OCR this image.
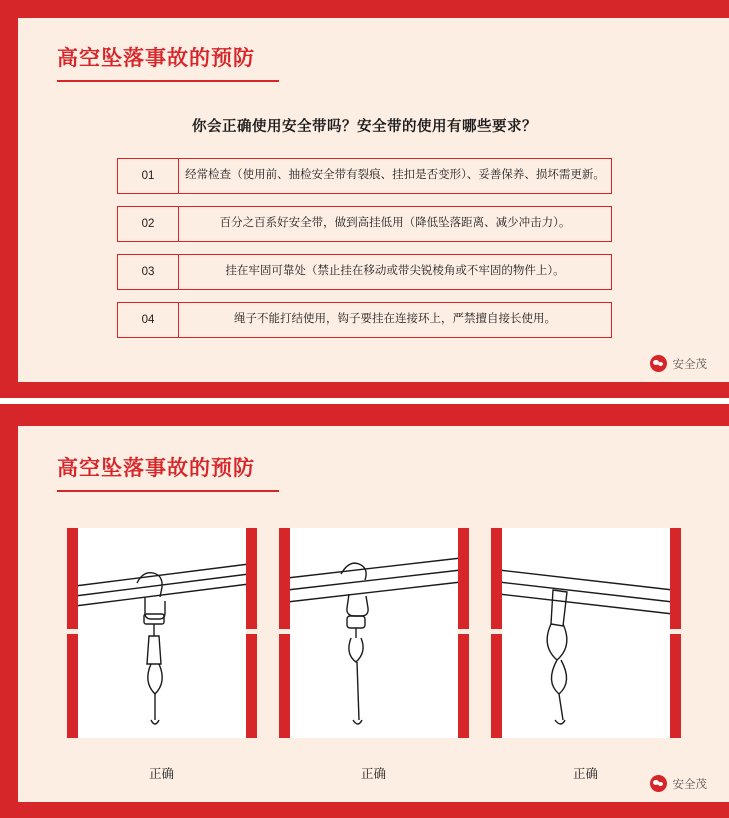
高空坠落事故的预防

你会正确使用安全带吗？安全带的使用有哪些要求？

01	经常检查（使用前、抽检安全带有裂痕、挂扣是否变形）、妥善保养、损坏需更新。
02	百分之百系好安全带，做到高挂低用（降低坠落距离、减少冲击力）。
03	挂在牢固可靠处（禁止挂在移动或带尖锐棱角或不牢固的物件上）。
04	绳子不能打结使用，钩子要挂在连接环上，严禁擅自接长使用。
安全茂
高空坠落事故的预防
正确	正确	正确
安全茂
